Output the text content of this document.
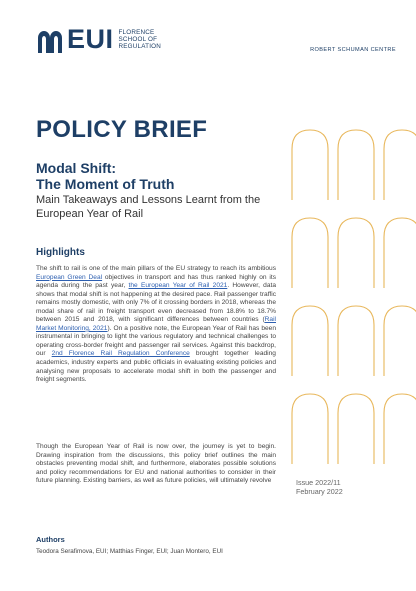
EUI FLORENCE
SCHOOL OF
REGULATION	ROBERT SCHUMAN CENTRE
POLICY BRIEF
Modal Shift:
The Moment of Truth
Main Takeaways and Lessons Learnt from the European Year of Rail
Highlights
The shift to rail is one of the main pillars of the EU strategy to reach its ambitious European Green Deal objectives in transport and has thus ranked highly on its agenda during the past year, the European Year of Rail 2021. However, data shows that modal shift is not happening at the desired pace. Rail passenger traffic remains mostly domestic, with only 7% of it crossing borders in 2018, whereas the modal share of rail in freight transport even decreased from 18.8% to 18.7% between 2015 and 2018, with significant differences between countries (Rail Market Monitoring, 2021). On a positive note, the European Year of Rail has been instrumental in bringing to light the various regulatory and technical challenges to operating cross-border freight and passenger rail services. Against this backdrop, our 2nd Florence Rail Regulation Conference brought together leading academics, industry experts and public officials in evaluating existing policies and analysing new proposals to accelerate modal shift in both the passenger and freight segments.
Though the European Year of Rail is now over, the journey is yet to begin. Drawing inspiration from the discussions, this policy brief outlines the main obstacles preventing modal shift, and furthermore, elaborates possible solutions and policy recommendations for EU and national authorities to consider in their future planning. Existing barriers, as well as future policies, will ultimately revolve
Authors
Teodora Serafimova, EUI; Matthias Finger, EUI; Juan Montero, EUI
Issue 2022/11
February 2022
